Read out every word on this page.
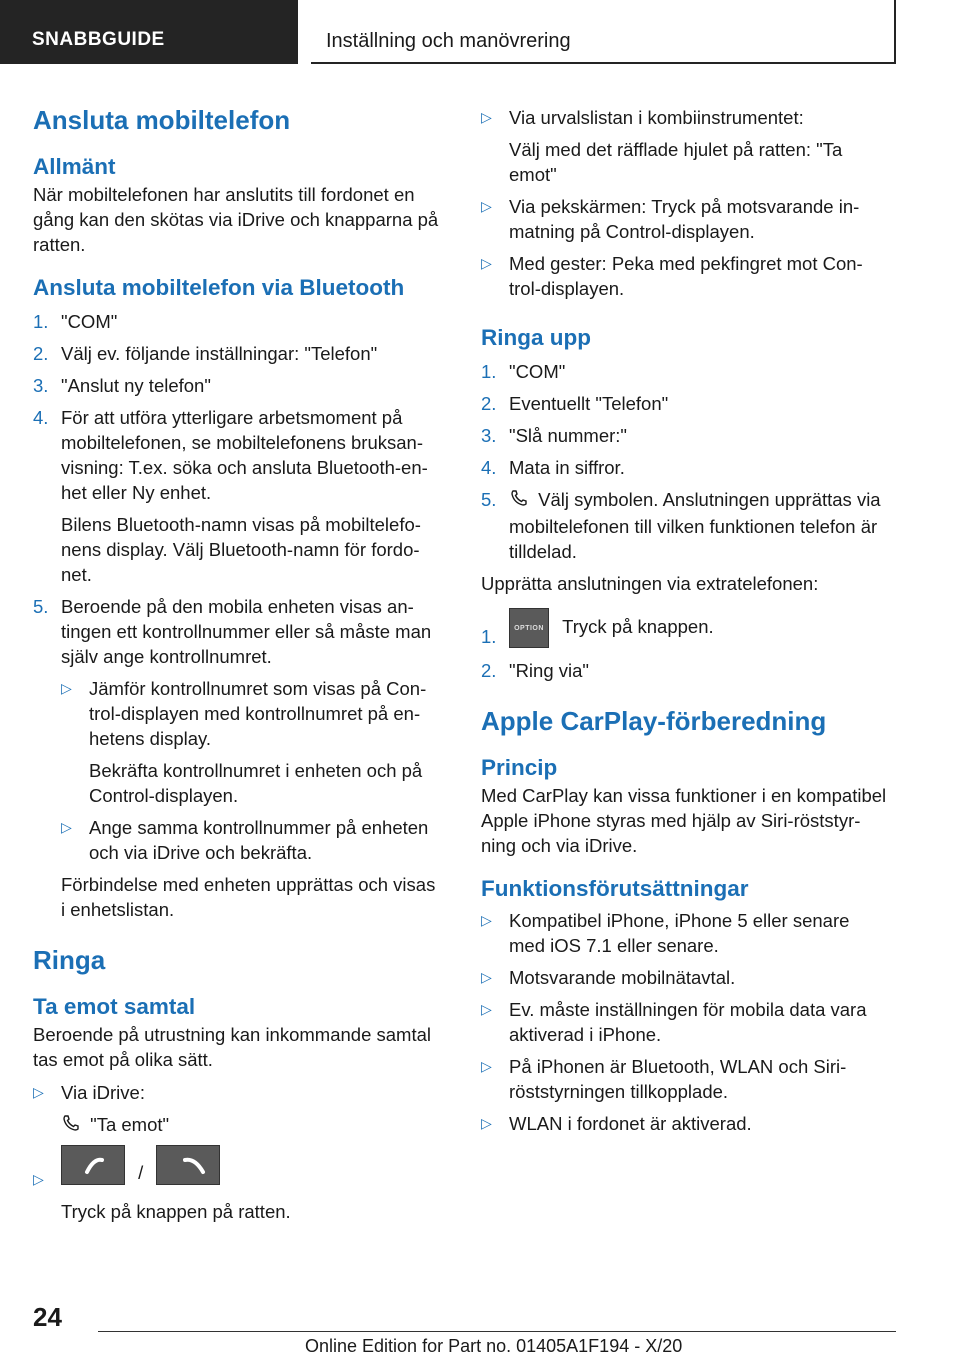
SNABBGUIDE	Inställning och manövrering
Ansluta mobiltelefon
Allmänt
När mobiltelefonen har anslutits till fordonet en
gång kan den skötas via iDrive och knapparna på
ratten.
Ansluta mobiltelefon via Bluetooth
1. "COM"
2. Välj ev. följande inställningar: "Telefon"
3. "Anslut ny telefon"
4. För att utföra ytterligare arbetsmoment på
mobiltelefonen, se mobiltelefonens bruksan-
visning: T.ex. söka och ansluta Bluetooth-en-
het eller Ny enhet.
Bilens Bluetooth-namn visas på mobiltelefo-
nens display. Välj Bluetooth-namn för fordo-
net.
5. Beroende på den mobila enheten visas an-
tingen ett kontrollnummer eller så måste man
själv ange kontrollnumret.
▷ Jämför kontrollnumret som visas på Con-
trol-displayen med kontrollnumret på en-
hetens display.
Bekräfta kontrollnumret i enheten och på
Control-displayen.
▷ Ange samma kontrollnummer på enheten
och via iDrive och bekräfta.
Förbindelse med enheten upprättas och visas
i enhetslistan.
Ringa
Ta emot samtal
Beroende på utrustning kan inkommande samtal
tas emot på olika sätt.
▷ Via iDrive:
"Ta emot"
▷	/
Tryck på knappen på ratten.
▷ Via urvalslistan i kombiinstrumentet:
Välj med det räfflade hjulet på ratten: "Ta
emot"
▷ Via pekskärmen: Tryck på motsvarande in-
matning på Control-displayen.
▷ Med gester: Peka med pekfingret mot Con-
trol-displayen.
Ringa upp
1. "COM"
2. Eventuellt "Telefon"
3. "Slå nummer:"
4. Mata in siffror.
5. Välj symbolen. Anslutningen upprättas via
mobiltelefonen till vilken funktionen telefon är
tilldelad.
Upprätta anslutningen via extratelefonen:
1.	OPTION Tryck på knappen.
2. "Ring via"
Apple CarPlay-förberedning
Princip
Med CarPlay kan vissa funktioner i en kompatibel
Apple iPhone styras med hjälp av Siri-röststyr-
ning och via iDrive.
Funktionsförutsättningar
▷ Kompatibel iPhone, iPhone 5 eller senare
med iOS 7.1 eller senare.
▷ Motsvarande mobilnätavtal.
▷ Ev. måste inställningen för mobila data vara
aktiverad i iPhone.
▷ På iPhonen är Bluetooth, WLAN och Siri-
röststyrningen tillkopplade.
▷ WLAN i fordonet är aktiverad.
24
Online Edition for Part no. 01405A1F194 - X/20
